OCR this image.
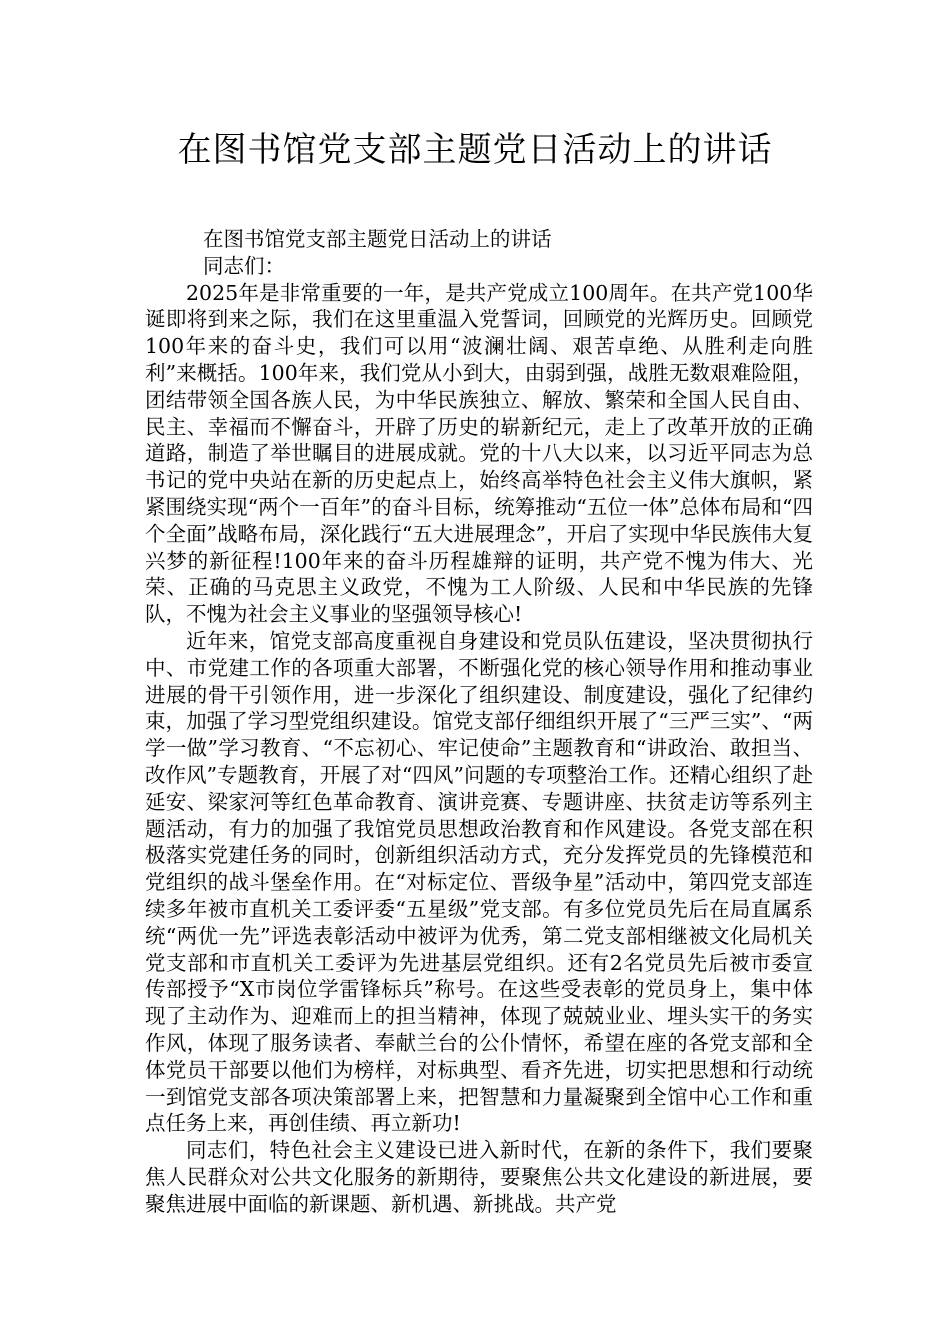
在图书馆党支部主题党日活动上的讲话

在图书馆党支部主题党日活动上的讲话

同志们：

2025年是非常重要的一年，是共产党成立100周年。在共产党100华诞即将到来之际，我们在这里重温入党誓词，回顾党的光辉历史。回顾党100年来的奋斗史，我们可以用“波澜壮阔、艰苦卓绝、从胜利走向胜利”来概括。100年来，我们党从小到大，由弱到强，战胜无数艰难险阻，团结带领全国各族人民，为中华民族独立、解放、繁荣和全国人民自由、民主、幸福而不懈奋斗，开辟了历史的崭新纪元，走上了改革开放的正确道路，制造了举世瞩目的进展成就。党的十八大以来，以习近平同志为总书记的党中央站在新的历史起点上，始终高举特色社会主义伟大旗帜，紧紧围绕实现“两个一百年”的奋斗目标，统筹推动“五位一体”总体布局和“四个全面”战略布局，深化践行“五大进展理念”，开启了实现中华民族伟大复兴梦的新征程!100年来的奋斗历程雄辩的证明，共产党不愧为伟大、光荣、正确的马克思主义政党，不愧为工人阶级、人民和中华民族的先锋队，不愧为社会主义事业的坚强领导核心!

近年来，馆党支部高度重视自身建设和党员队伍建设，坚决贯彻执行中、市党建工作的各项重大部署，不断强化党的核心领导作用和推动事业进展的骨干引领作用，进一步深化了组织建设、制度建设，强化了纪律约束，加强了学习型党组织建设。馆党支部仔细组织开展了“三严三实”、“两学一做”学习教育、“不忘初心、牢记使命”主题教育和“讲政治、敢担当、改作风”专题教育，开展了对“四风”问题的专项整治工作。还精心组织了赴延安、梁家河等红色革命教育、演讲竞赛、专题讲座、扶贫走访等系列主题活动，有力的加强了我馆党员思想政治教育和作风建设。各党支部在积极落实党建任务的同时，创新组织活动方式，充分发挥党员的先锋模范和党组织的战斗堡垒作用。在“对标定位、晋级争星”活动中，第四党支部连续多年被市直机关工委评委“五星级”党支部。有多位党员先后在局直属系统“两优一先”评选表彰活动中被评为优秀，第二党支部相继被文化局机关党支部和市直机关工委评为先进基层党组织。还有2名党员先后被市委宣传部授予“X市岗位学雷锋标兵”称号。在这些受表彰的党员身上，集中体现了主动作为、迎难而上的担当精神，体现了兢兢业业、埋头实干的务实作风，体现了服务读者、奉献兰台的公仆情怀，希望在座的各党支部和全体党员干部要以他们为榜样，对标典型、看齐先进，切实把思想和行动统一到馆党支部各项决策部署上来，把智慧和力量凝聚到全馆中心工作和重点任务上来，再创佳绩、再立新功!

同志们，特色社会主义建设已进入新时代，在新的条件下，我们要聚焦人民群众对公共文化服务的新期待，要聚焦公共文化建设的新进展，要聚焦进展中面临的新课题、新机遇、新挑战。共产党
